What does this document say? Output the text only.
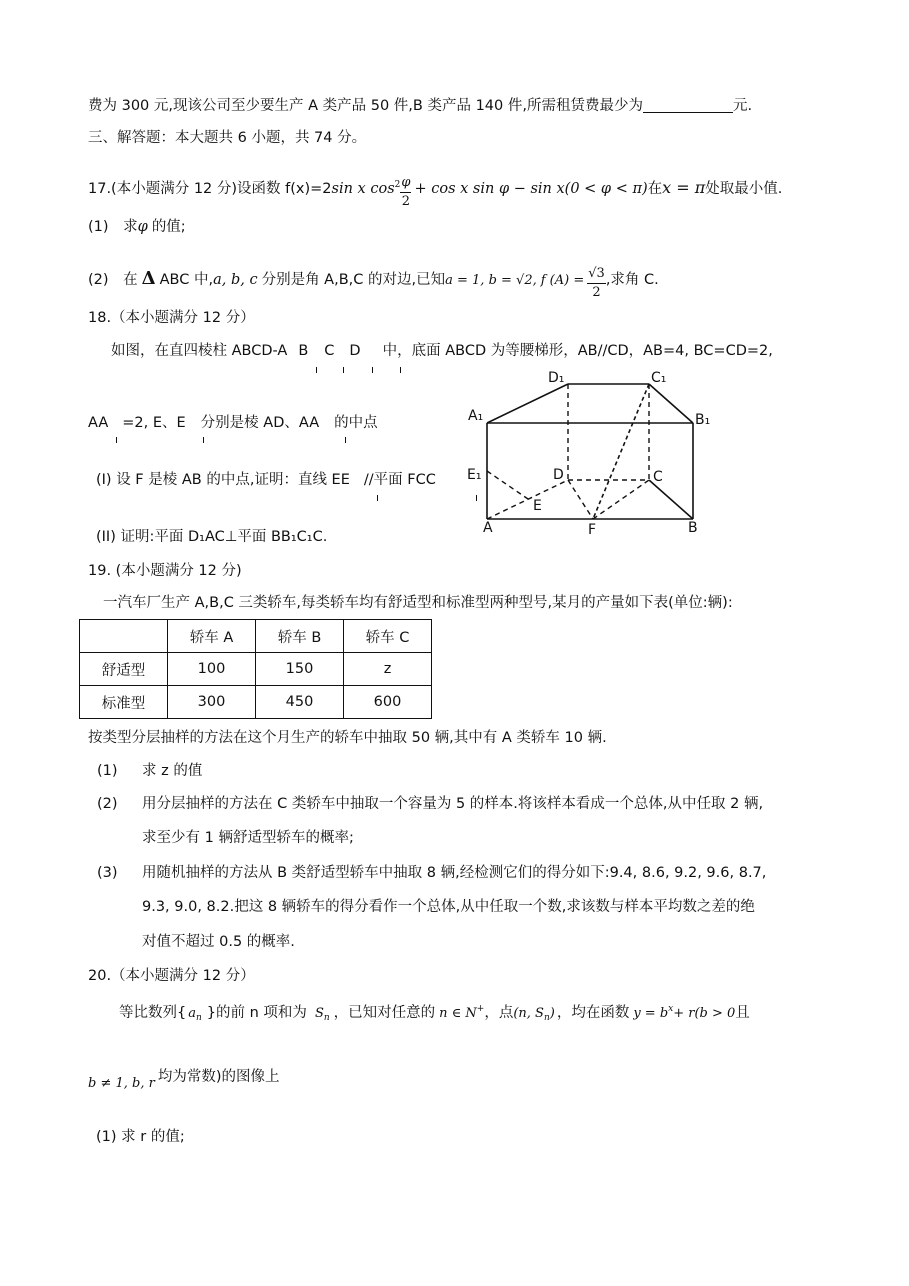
费为 300 元,现该公司至少要生产 A 类产品 50 件,B 类产品 140 件,所需租赁费最少为	元.
三、解答题：本大题共 6 小题，共 74 分。
17.(本小题满分 12 分)设函数 f(x)=2sin x $\cos^2 \frac{\varphi}{2} + \cos x$ sin φ − sin x(0 < φ < π)在x = π处取最小值.
(1) 求φ 的值;
(2) 在 Δ ABC 中,a, b, c 分别是角 A,B,C 的对边,已知a = 1, b = √2, f $(A) = \frac{√3}{2}$ ,求角 C.
18.（本小题满分 12 分）
如图，在直四棱柱 ABCD-A B C D 中，底面 ABCD 为等腰梯形，AB//CD，AB=4, BC=CD=2,
AA =2, E、E 分别是棱 AD、AA 的中点
(I) 设 F 是棱 AB 的中点,证明：直线 EE //平面 FCC
(II) 证明:平面 D₁AC⊥平面 BB₁C₁C.
D₁	C₁
A₁	B₁
E₁	D	C
E
A	F	B
19. (本小题满分 12 分)
一汽车厂生产 A,B,C 三类轿车,每类轿车均有舒适型和标准型两种型号,某月的产量如下表(单位:辆):
	轿车 A	轿车 B	轿车 C
舒适型	100	150	z
标准型	300	450	600
按类型分层抽样的方法在这个月生产的轿车中抽取 50 辆,其中有 A 类轿车 10 辆.
(1) 求 z 的值
(2) 用分层抽样的方法在 C 类轿车中抽取一个容量为 5 的样本.将该样本看成一个总体,从中任取 2 辆,
求至少有 1 辆舒适型轿车的概率;
(3) 用随机抽样的方法从 B 类舒适型轿车中抽取 8 辆,经检测它们的得分如下:9.4, 8.6, 9.2, 9.6, 8.7,
9.3, 9.0, 8.2.把这 8 辆轿车的得分看作一个总体,从中任取一个数,求该数与样本平均数之差的绝
对值不超过 0.5 的概率.
20.（本小题满分 12 分）
等比数列{ $a_n$ }的前 n 项和为 $S_n$ ，已知对任意的 n ∈ N+，点(n, $S_n$) ，均在函数 $y = b^x+ r(b > 0$且
b ≠ 1, b, r 均为常数)的图像上
(1) 求 r 的值;
